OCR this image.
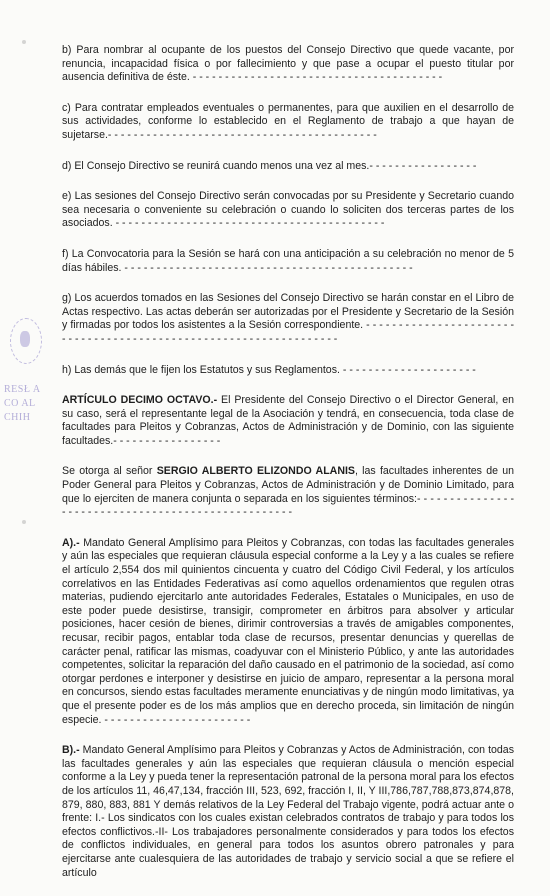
RESŁ A
CO AL
CHIH

b) Para nombrar al ocupante de los puestos del Consejo Directivo que quede vacante, por renuncia, incapacidad física o por fallecimiento y que pase a ocupar el puesto titular por ausencia definitiva de éste. - - - - - - - - - - - - - - - - - - - - - - - - - - - - - - - - - - - - - - -

c) Para contratar empleados eventuales o permanentes, para que auxilien en el desarrollo de sus actividades, conforme lo establecido en el Reglamento de trabajo a que hayan de sujetarse.- - - - - - - - - - - - - - - - - - - - - - - - - - - - - - - - - - - - - - - - - -

d) El Consejo Directivo se reunirá cuando menos una vez al mes.- - - - - - - - - - - - - - - - -

e) Las sesiones del Consejo Directivo serán convocadas por su Presidente y Secretario cuando sea necesaria o conveniente su celebración o cuando lo soliciten dos terceras partes de los asociados. - - - - - - - - - - - - - - - - - - - - - - - - - - - - - - - - - - - - - - - - - -

f) La Convocatoria para la Sesión se hará con una anticipación a su celebración no menor de 5 días hábiles. - - - - - - - - - - - - - - - - - - - - - - - - - - - - - - - - - - - - - - - - - - - - -

g) Los acuerdos tomados en las Sesiones del Consejo Directivo se harán constar en el Libro de Actas respectivo. Las actas deberán ser autorizadas por el Presidente y Secretario de la Sesión y firmadas por todos los asistentes a la Sesión correspondiente. - - - - - - - - - - - - - - - - - - - - - - - - - - - - - - - - - - - - - - - - - - - - - - - - - - - - - - - - - - - - - - - - - -

h) Las demás que le fijen los Estatutos y sus Reglamentos. - - - - - - - - - - - - - - - - - - - - -

ARTÍCULO DECIMO OCTAVO.- El Presidente del Consejo Directivo o el Director General, en su caso, será el representante legal de la Asociación y tendrá, en consecuencia, toda clase de facultades para Pleitos y Cobranzas, Actos de Administración y de Dominio, con las siguiente facultades.- - - - - - - - - - - - - - - - -

Se otorga al señor SERGIO ALBERTO ELIZONDO ALANIS, las facultades inherentes de un Poder General para Pleitos y Cobranzas, Actos de Administración y de Dominio Limitado, para que lo ejerciten de manera conjunta o separada en los siguientes términos:- - - - - - - - - - - - - - - - - - - - - - - - - - - - - - - - - - - - - - - - - - - - - - - - - - -

A).- Mandato General Amplísimo para Pleitos y Cobranzas, con todas las facultades generales y aún las especiales que requieran cláusula especial conforme a la Ley y a las cuales se refiere el artículo 2,554 dos mil quinientos cincuenta y cuatro del Código Civil Federal, y los artículos correlativos en las Entidades Federativas así como aquellos ordenamientos que regulen otras materias, pudiendo ejercitarlo ante autoridades Federales, Estatales o Municipales, en uso de este poder puede desistirse, transigir, comprometer en árbitros para absolver y articular posiciones, hacer cesión de bienes, dirimir controversias a través de amigables componentes, recusar, recibir pagos, entablar toda clase de recursos, presentar denuncias y querellas de carácter penal, ratificar las mismas, coadyuvar con el Ministerio Público, y ante las autoridades competentes, solicitar la reparación del daño causado en el patrimonio de la sociedad, así como otorgar perdones e interponer y desistirse en juicio de amparo, representar a la persona moral en concursos, siendo estas facultades meramente enunciativas y de ningún modo limitativas, ya que el presente poder es de los más amplios que en derecho proceda, sin limitación de ningún especie. - - - - - - - - - - - - - - - - - - - - - - -

B).- Mandato General Amplísimo para Pleitos y Cobranzas y Actos de Administración, con todas las facultades generales y aún las especiales que requieran cláusula o mención especial conforme a la Ley y pueda tener la representación patronal de la persona moral para los efectos de los artículos 11, 46,47,134, fracción III, 523, 692, fracción I, II, Y III,786,787,788,873,874,878, 879, 880, 883, 881 Y demás relativos de la Ley Federal del Trabajo vigente, podrá actuar ante o frente: I.- Los sindicatos con los cuales existan celebrados contratos de trabajo y para todos los efectos conflictivos.-II- Los trabajadores personalmente considerados y para todos los efectos de conflictos individuales, en general para todos los asuntos obrero patronales y para ejercitarse ante cualesquiera de las autoridades de trabajo y servicio social a que se refiere el artículo
